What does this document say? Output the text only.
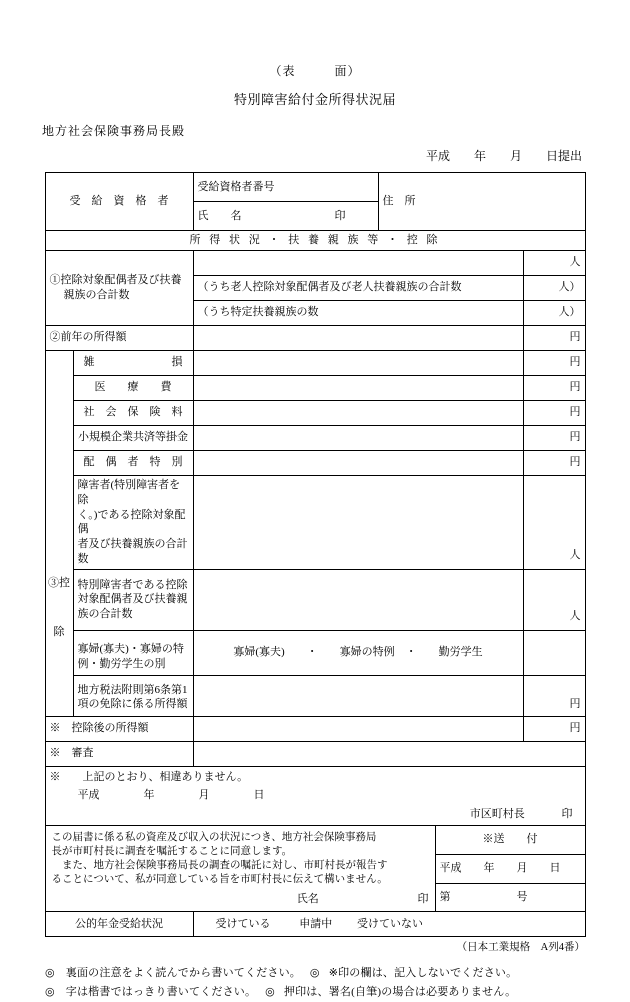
（表　　　面）
特別障害給付金所得状況届
地方社会保険事務局長殿
平成　　年　　月　　日提出
受　給　資　格　者	受給資格者番号	住　所
氏　　名	印
所 得 状 況 ・ 扶 養 親 族 等 ・ 控 除			

①控除対象配偶者及び扶養
親族の合計数			人
		（うち老人控除対象配偶者及び老人扶養親族の合計数	人）
		（うち特定扶養親族の数	人）
②前年の所得額			円

③控
除	雑　　　　　　　損		円
	医　　療　　費		円
	社　会　保　険　料		円
	小規模企業共済等掛金		円
	配　偶　者　特　別		円

	障害者(特別障害者を除
く。)である控除対象配偶
者及び扶養親族の合計数		人

	特別障害者である控除
対象配偶者及び扶養親
族の合計数		人

	寡婦(寡夫)・寡婦の特
例・勤労学生の別	寡婦(寡夫)　　・　　寡婦の特例　・　　勤労学生	

	地方税法附則第6条第1
項の免除に係る所得額		円
※　控除後の所得額			円
※　審査			

※　　上記のとおり、相違ありません。
平成　　　　年　　　　月　　　　日
市区町村長 印			
この届書に係る私の資産及び収入の状況につき、地方社会保険事務局
長が市町村長に調査を嘱託することに同意します。
　また、地方社会保険事務局長の調査の嘱託に対し、市町村長が報告す
ることについて、私が同意している旨を市町村長に伝えて構いません。
氏名 印		※送　　付
		平成　　年　　月　　日
		第　　　　　　号
公的年金受給状況	受けている 申請中 受けていない	
（日本工業規格　A列4番）
◎ 裏面の注意をよく読んでから書いてください。 ◎ ※印の欄は、記入しないでください。
◎ 字は楷書ではっきり書いてください。 ◎ 押印は、署名(自筆)の場合は必要ありません。
